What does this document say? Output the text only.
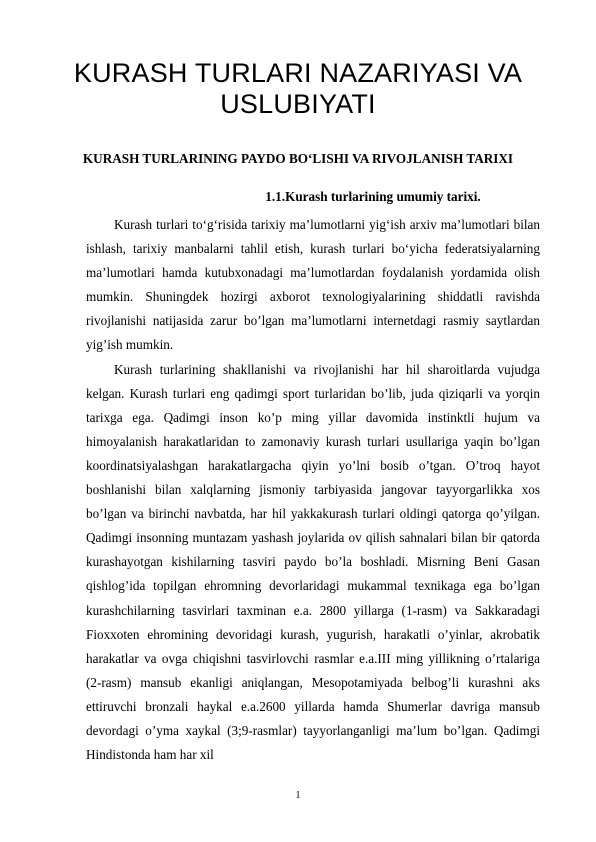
KURASH TURLARI NAZARIYASI VA USLUBIYATI
KURASH TURLARINING PAYDO BO‘LISHI VA RIVOJLANISH TARIXI
1.1.Kurash turlarining umumiy tarixi.

Kurash turlari to‘g‘risida tarixiy ma’lumotlarni yig‘ish arxiv ma’lumotlari bilan ishlash, tarixiy manbalarni tahlil etish, kurash turlari bo‘yicha federatsiyalarning ma’lumotlari hamda kutubxonadagi ma’lumotlardan foydalanish yordamida olish mumkin. Shuningdek hozirgi axborot texnologiyalarining shiddatli ravishda rivojlanishi natijasida zarur bo’lgan ma’lumotlarni internetdagi rasmiy saytlardan yig’ish mumkin.

Kurash turlarining shakllanishi va rivojlanishi har hil sharoitlarda vujudga kelgan. Kurash turlari eng qadimgi sport turlaridan bo’lib, juda qiziqarli va yorqin tarixga ega. Qadimgi inson ko’p ming yillar davomida instinktli hujum va himoyalanish harakatlaridan to zamonaviy kurash turlari usullariga yaqin bo’lgan koordinatsiyalashgan harakatlargacha qiyin yo’lni bosib o’tgan. O’troq hayot boshlanishi bilan xalqlarning jismoniy tarbiyasida jangovar tayyorgarlikka xos bo’lgan va birinchi navbatda, har hil yakkakurash turlari oldingi qatorga qo’yilgan. Qadimgi insonning muntazam yashash joylarida ov qilish sahnalari bilan bir qatorda kurashayotgan kishilarning tasviri paydo bo’la boshladi. Misrning Beni Gasan qishlog’ida topilgan ehromning devorlaridagi mukammal texnikaga ega bo’lgan kurashchilarning tasvirlari taxminan e.a. 2800 yillarga (1-rasm) va Sakkaradagi Fioxxoten ehromining devoridagi kurash, yugurish, harakatli o’yinlar, akrobatik harakatlar va ovga chiqishni tasvirlovchi rasmlar e.a.III ming yillikning o’rtalariga (2-rasm) mansub ekanligi aniqlangan, Mesopotamiyada belbog’li kurashni aks ettiruvchi bronzali haykal e.a.2600 yillarda hamda Shumerlar davriga mansub devordagi o’yma xaykal (3;9-rasmlar) tayyorlanganligi ma’lum bo’lgan. Qadimgi Hindistonda ham har xil

1
